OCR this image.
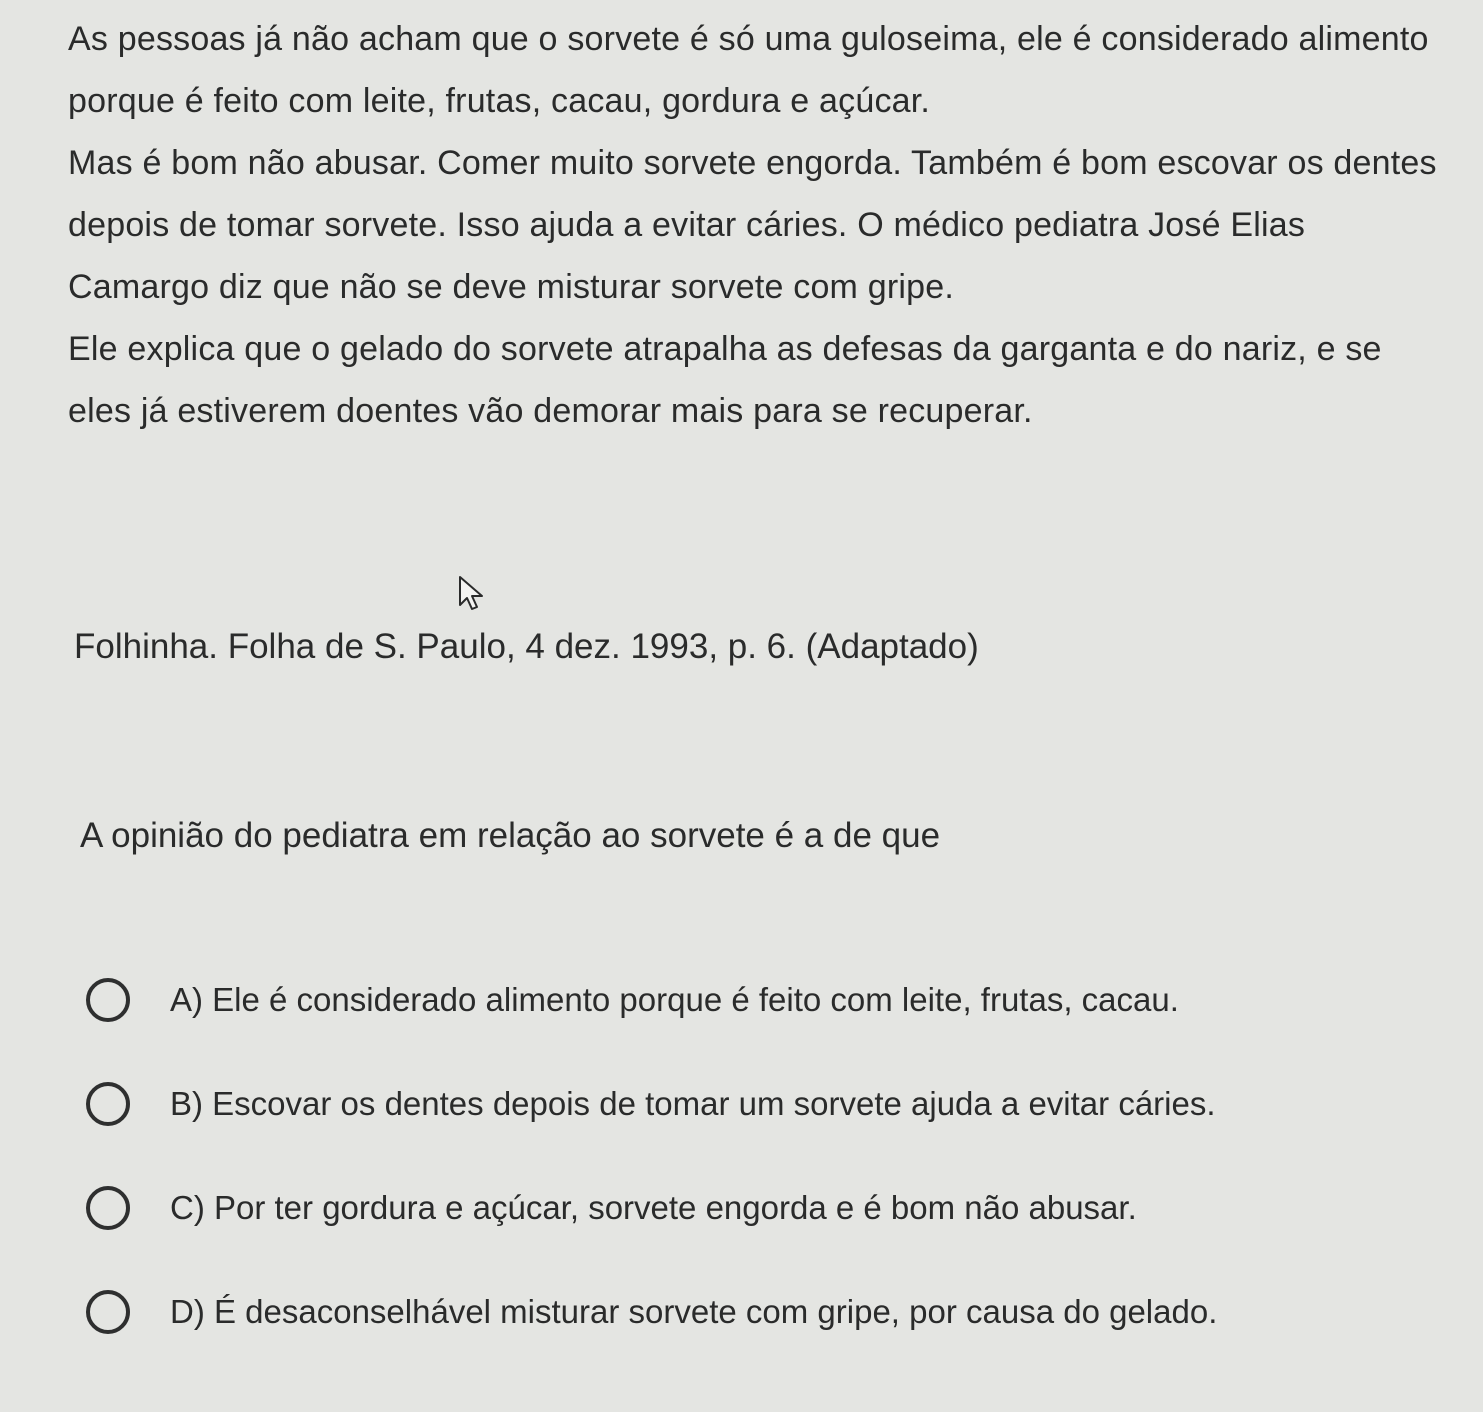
As pessoas já não acham que o sorvete é só uma guloseima, ele é considerado alimento porque é feito com leite, frutas, cacau, gordura e açúcar.

Mas é bom não abusar. Comer muito sorvete engorda. Também é bom escovar os dentes depois de tomar sorvete. Isso ajuda a evitar cáries. O médico pediatra José Elias Camargo diz que não se deve misturar sorvete com gripe.

Ele explica que o gelado do sorvete atrapalha as defesas da garganta e do nariz, e se eles já estiverem doentes vão demorar mais para se recuperar.

Folhinha. Folha de S. Paulo, 4 dez. 1993, p. 6. (Adaptado)

A opinião do pediatra em relação ao sorvete é a de que

A) Ele é considerado alimento porque é feito com leite, frutas, cacau.
B) Escovar os dentes depois de tomar um sorvete ajuda a evitar cáries.
C) Por ter gordura e açúcar, sorvete engorda e é bom não abusar.
D) É desaconselhável misturar sorvete com gripe, por causa do gelado.
